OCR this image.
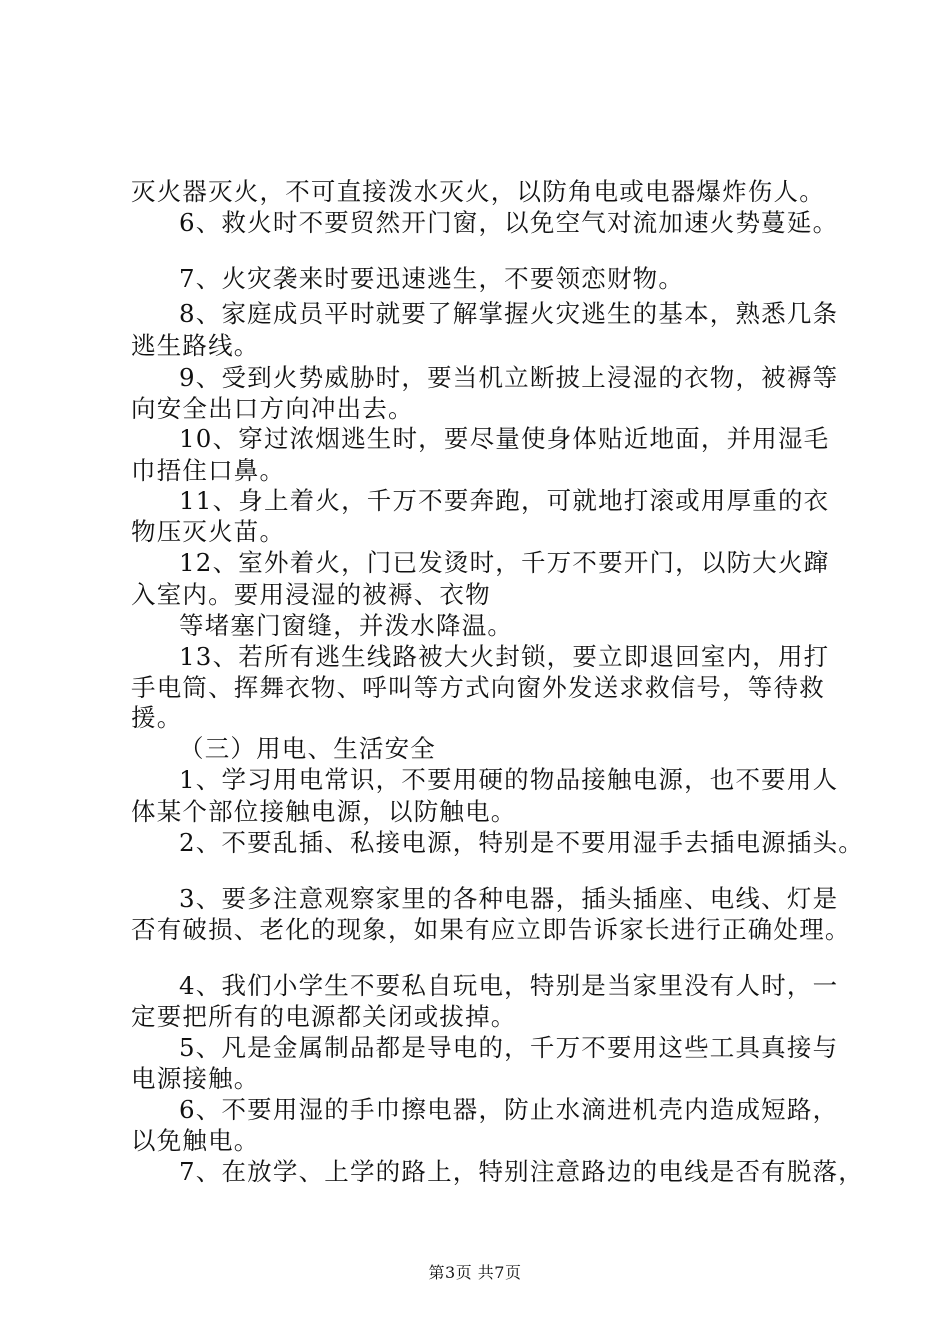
灭火器灭火，不可直接泼水灭火，以防角电或电器爆炸伤人。
6、救火时不要贸然开门窗，以免空气对流加速火势蔓延。
7、火灾袭来时要迅速逃生，不要领恋财物。
8、家庭成员平时就要了解掌握火灾逃生的基本，熟悉几条
逃生路线。
9、受到火势威胁时，要当机立断披上浸湿的衣物，被褥等
向安全出口方向冲出去。
10、穿过浓烟逃生时，要尽量使身体贴近地面，并用湿毛
巾捂住口鼻。
11、身上着火，千万不要奔跑，可就地打滚或用厚重的衣
物压灭火苗。
12、室外着火，门已发烫时，千万不要开门，以防大火蹿
入室内。要用浸湿的被褥、衣物
等堵塞门窗缝，并泼水降温。
13、若所有逃生线路被大火封锁，要立即退回室内，用打
手电筒、挥舞衣物、呼叫等方式向窗外发送求救信号，等待救
援。
（三）用电、生活安全
1、学习用电常识，不要用硬的物品接触电源，也不要用人
体某个部位接触电源，以防触电。
2、不要乱插、私接电源，特别是不要用湿手去插电源插头。
3、要多注意观察家里的各种电器，插头插座、电线、灯是
否有破损、老化的现象，如果有应立即告诉家长进行正确处理。
4、我们小学生不要私自玩电，特别是当家里没有人时，一
定要把所有的电源都关闭或拔掉。
5、凡是金属制品都是导电的，千万不要用这些工具真接与
电源接触。
6、不要用湿的手巾擦电器，防止水滴进机壳内造成短路，
以免触电。
7、在放学、上学的路上，特别注意路边的电线是否有脱落，
第3页 共7页
